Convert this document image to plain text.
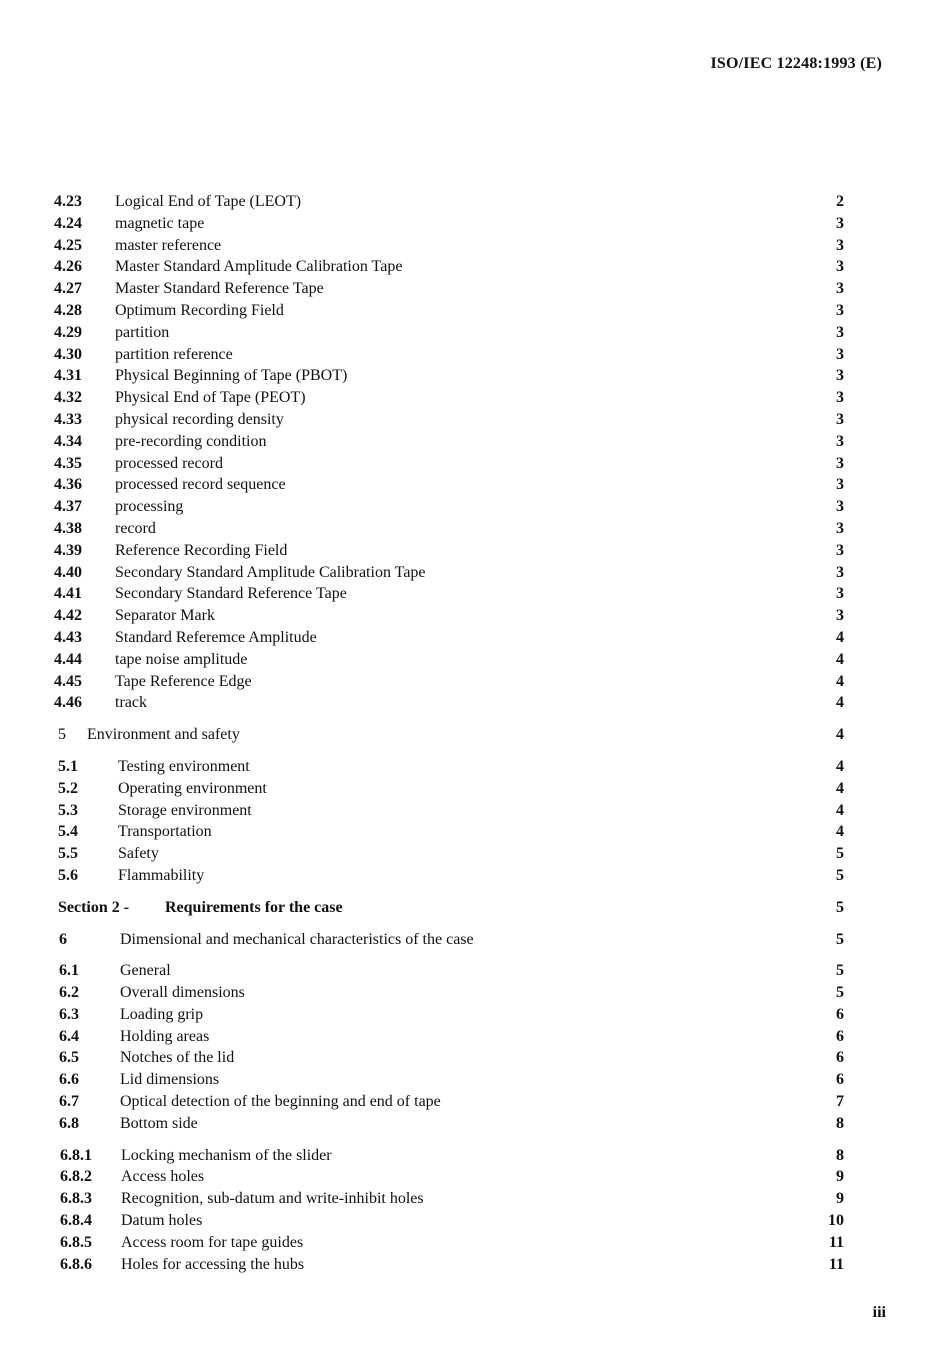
ISO/IEC 12248:1993 (E)
4.23 Logical End of Tape (LEOT)	2
4.24 magnetic tape	3
4.25 master reference	3
4.26 Master Standard Amplitude Calibration Tape	3
4.27 Master Standard Reference Tape	3
4.28 Optimum Recording Field	3
4.29 partition	3
4.30 partition reference	3
4.31 Physical Beginning of Tape (PBOT)	3
4.32 Physical End of Tape (PEOT)	3
4.33 physical recording density	3
4.34 pre-recording condition	3
4.35 processed record	3
4.36 processed record sequence	3
4.37 processing	3
4.38 record	3
4.39 Reference Recording Field	3
4.40 Secondary Standard Amplitude Calibration Tape	3
4.41 Secondary Standard Reference Tape	3
4.42 Separator Mark	3
4.43 Standard Referemce Amplitude	4
4.44 tape noise amplitude	4
4.45 Tape Reference Edge	4
4.46 track	4
5 Environment and safety	4
5.1	Testing environment	4
5.2	Operating environment	4
5.3	Storage environment	4
5.4	Transportation	4
5.5	Safety	5
5.6	Flammability	5
Section 2 - Requirements for the case	5
6	Dimensional and mechanical characteristics of the case	5
6.1	General	5
6.2	Overall dimensions	5
6.3	Loading grip	6
6.4	Holding areas	6
6.5	Notches of the lid	6
6.6	Lid dimensions	6
6.7	Optical detection of the beginning and end of tape	7
6.8	Bottom side	8
6.8.1 Locking mechanism of the slider	8
6.8.2 Access holes	9
6.8.3 Recognition, sub-datum and write-inhibit holes	9
6.8.4 Datum holes	10
6.8.5 Access room for tape guides	11
6.8.6 Holes for accessing the hubs	11
iii
